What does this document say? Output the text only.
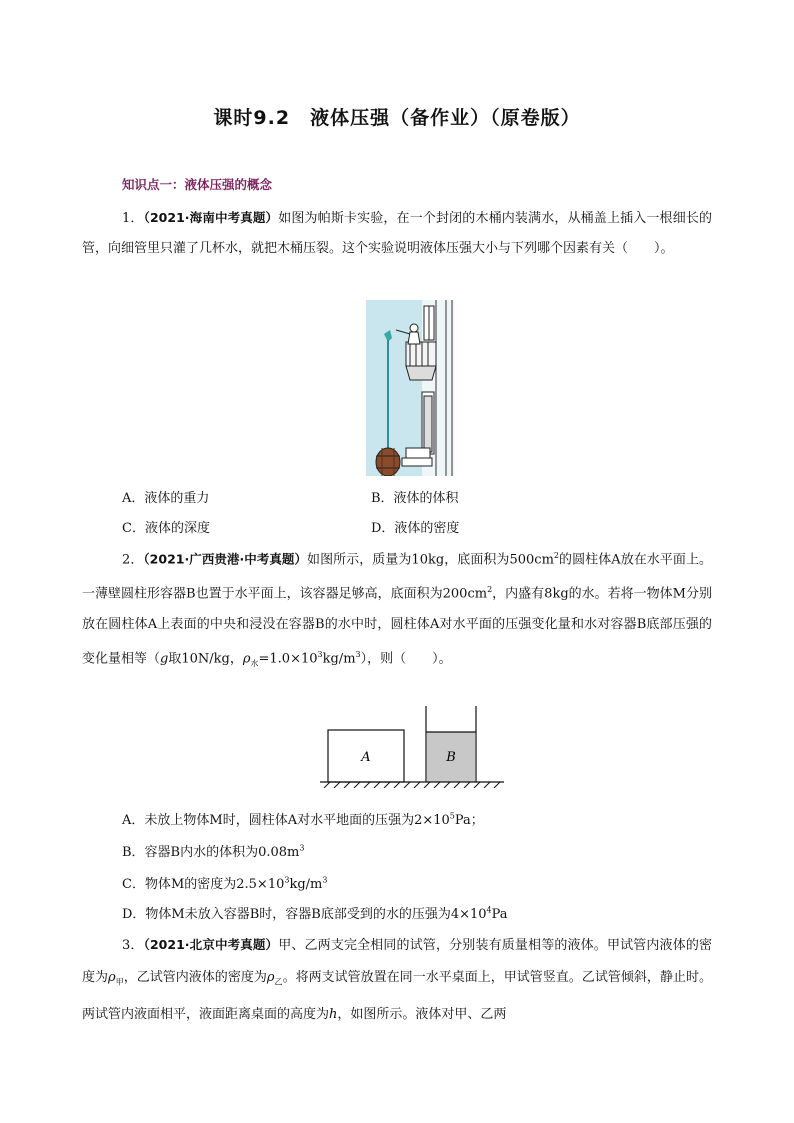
课时9.2　液体压强（备作业）（原卷版）
知识点一：液体压强的概念
1．（2021·海南中考真题）如图为帕斯卡实验，在一个封闭的木桶内装满水，从桶盖上插入一根细长的管，向细管里只灌了几杯水，就把木桶压裂。这个实验说明液体压强大小与下列哪个因素有关（　　）。
A．液体的重力	B．液体的体积
C．液体的深度	D．液体的密度
2．（2021·广西贵港·中考真题）如图所示，质量为10kg，底面积为$500cm^2$的圆柱体A放在水平面上。一薄壁圆柱形容器B也置于水平面上，该容器足够高，底面积为$200cm^2$，内盛有8kg的水。若将一物体M分别放在圆柱体A上表面的中央和浸没在容器B的水中时，圆柱体A对水平面的压强变化量和水对容器B底部压强的变化量相等（g取10N/kg，$\rho_水=1.0\times 10^3kg/m^3$），则（　　）。
A	B
A．未放上物体M时，圆柱体A对水平地面的压强为$2\times 10^5Pa$；
B．容器B内水的体积为$0.08m^3$
C．物体M的密度为$2.5\times 10^3kg/m^3$
D．物体M未放入容器B时，容器B底部受到的水的压强为$4\times 10^4Pa$
3．（2021·北京中考真题）甲、乙两支完全相同的试管，分别装有质量相等的液体。甲试管内液体的密度为$\rho_甲$，乙试管内液体的密度为$\rho_乙$。将两支试管放置在同一水平桌面上，甲试管竖直。乙试管倾斜，静止时。两试管内液面相平，液面距离桌面的高度为h，如图所示。液体对甲、乙两
